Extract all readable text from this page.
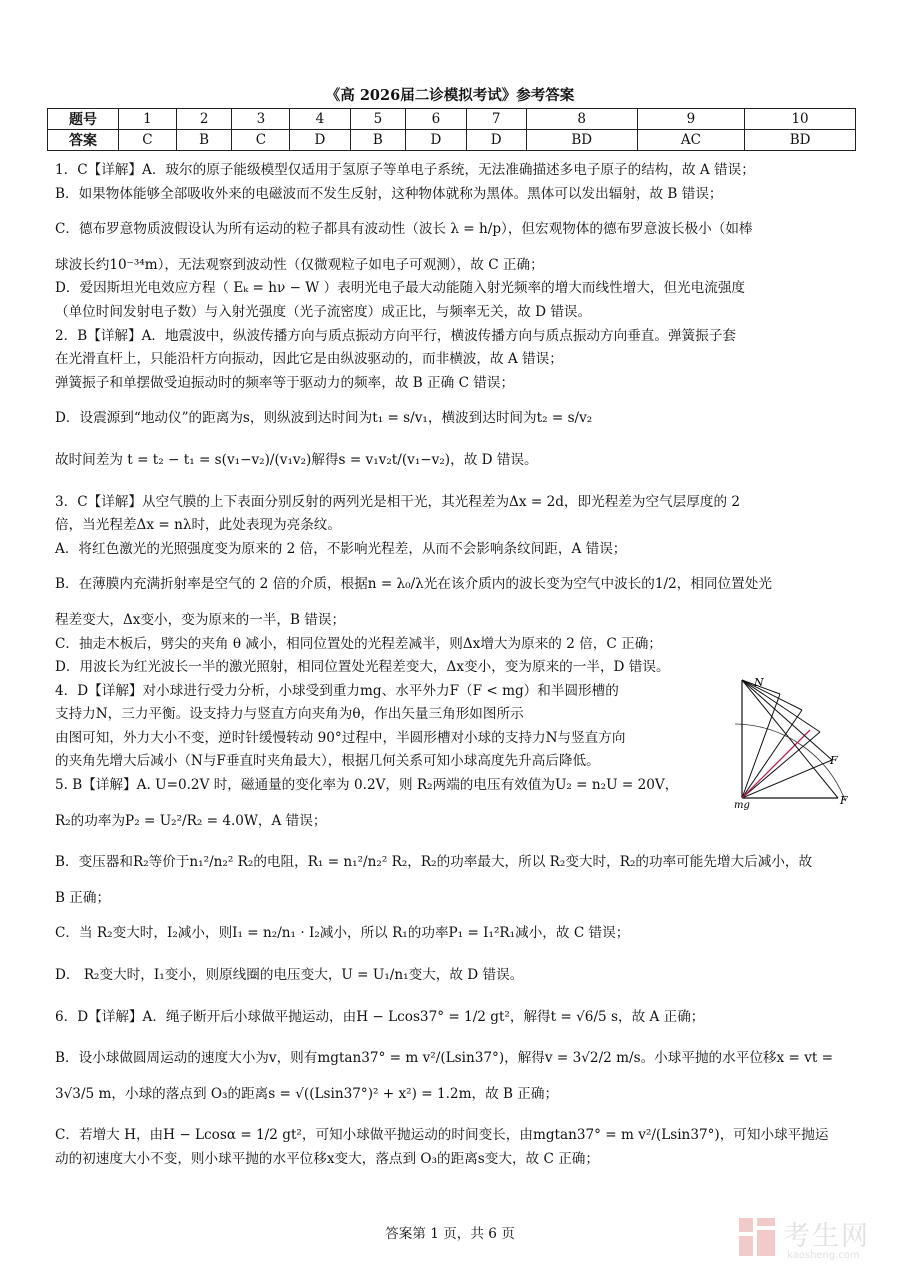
《高 2026届二诊模拟考试》参考答案
题号	1	2	3	4	5	6	7	8	9	10
答案	C	B	C	D	B	D	D	BD	AC	BD
1．C【详解】A．玻尔的原子能级模型仅适用于氢原子等单电子系统，无法准确描述多电子原子的结构，故 A 错误；
B．如果物体能够全部吸收外来的电磁波而不发生反射，这种物体就称为黑体。黑体可以发出辐射，故 B 错误；
C．德布罗意物质波假设认为所有运动的粒子都具有波动性（波长 λ = h/p），但宏观物体的德布罗意波长极小（如棒
球波长约10⁻³⁴m），无法观察到波动性（仅微观粒子如电子可观测），故 C 正确；
D．爱因斯坦光电效应方程（ Eₖ = hν − W ）表明光电子最大动能随入射光频率的增大而线性增大，但光电流强度
（单位时间发射电子数）与入射光强度（光子流密度）成正比，与频率无关，故 D 错误。
2．B【详解】A．地震波中，纵波传播方向与质点振动方向平行，横波传播方向与质点振动方向垂直。弹簧振子套
在光滑直杆上，只能沿杆方向振动，因此它是由纵波驱动的，而非横波，故 A 错误；
弹簧振子和单摆做受迫振动时的频率等于驱动力的频率，故 B 正确 C 错误；
D．设震源到“地动仪”的距离为s，则纵波到达时间为t₁ = s/v₁，横波到达时间为t₂ = s/v₂
故时间差为 t = t₂ − t₁ = s(v₁−v₂)/(v₁v₂)解得s = v₁v₂t/(v₁−v₂)，故 D 错误。
3．C【详解】从空气膜的上下表面分别反射的两列光是相干光，其光程差为Δx = 2d，即光程差为空气层厚度的 2
倍，当光程差Δx = nλ时，此处表现为亮条纹。
A．将红色激光的光照强度变为原来的 2 倍，不影响光程差，从而不会影响条纹间距，A 错误；
B．在薄膜内充满折射率是空气的 2 倍的介质，根据n = λ₀/λ光在该介质内的波长变为空气中波长的1/2，相同位置处光
程差变大，Δx变小，变为原来的一半，B 错误；
C．抽走木板后，劈尖的夹角 θ 减小，相同位置处的光程差减半，则Δx增大为原来的 2 倍，C 正确；
D．用波长为红光波长一半的激光照射，相同位置处光程差变大，Δx变小，变为原来的一半，D 错误。
4．D【详解】对小球进行受力分析，小球受到重力mg、水平外力F（F < mg）和半圆形槽的
支持力N，三力平衡。设支持力与竖直方向夹角为θ，作出矢量三角形如图所示
由图可知，外力大小不变，逆时针缓慢转动 90°过程中，半圆形槽对小球的支持力N与竖直方向
的夹角先增大后减小（N与F垂直时夹角最大），根据几何关系可知小球高度先升高后降低。
5. B【详解】A. U=0.2V 时，磁通量的变化率为 0.2V，则 R₂两端的电压有效值为U₂ = n₂U = 20V，
R₂的功率为P₂ = U₂²/R₂ = 4.0W，A 错误；
B．变压器和R₂等价于n₁²/n₂² R₂的电阻，R₁ = n₁²/n₂² R₂，R₂的功率最大，所以 R₂变大时，R₂的功率可能先增大后减小，故
B 正确；
C．当 R₂变大时，I₂减小，则I₁ = n₂/n₁ · I₂减小，所以 R₁的功率P₁ = I₁²R₁减小，故 C 错误；
D． R₂变大时，I₁变小，则原线圈的电压变大，U = U₁/n₁变大，故 D 错误。
6．D【详解】A．绳子断开后小球做平抛运动，由H − Lcos37° = 1/2 gt²，解得t = √6/5 s，故 A 正确；
B．设小球做圆周运动的速度大小为v，则有mgtan37° = m v²/(Lsin37°)，解得v = 3√2/2 m/s。小球平抛的水平位移x = vt =
3√3/5 m，小球的落点到 O₃的距离s = √((Lsin37°)² + x²) = 1.2m，故 B 正确；
C．若增大 H，由H − Lcosα = 1/2 gt²，可知小球做平抛运动的时间变长，由mgtan37° = m v²/(Lsin37°)，可知小球平抛运
动的初速度大小不变，则小球平抛的水平位移x变大，落点到 O₃的距离s变大，故 C 正确；
N
F
F
mg
答案第 1 页，共 6 页	考生网
kaosheng.com
